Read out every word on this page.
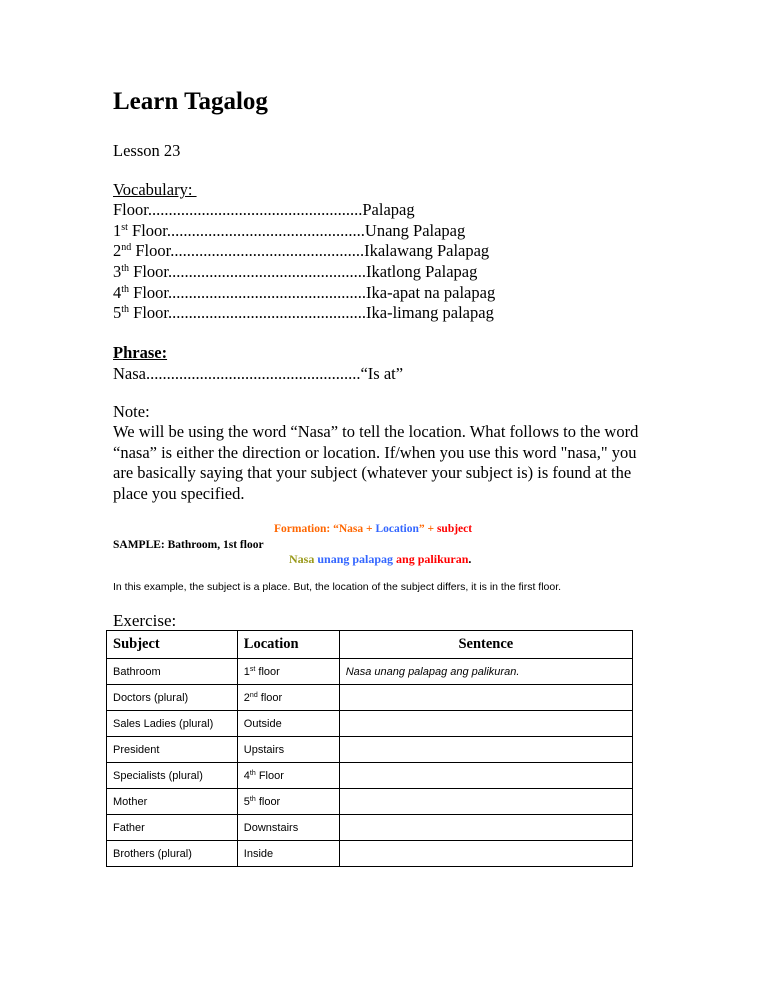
Learn Tagalog
Lesson 23
Vocabulary:
Floor....................................................Palapag
1st Floor................................................Unang Palapag
2nd Floor...............................................Ikalawang Palapag
3th Floor................................................Ikatlong Palapag
4th Floor................................................Ika-apat na palapag
5th Floor................................................Ika-limang palapag
Phrase:
Nasa....................................................“Is at”
Note:
We will be using the word “Nasa” to tell the location. What follows to the word “nasa” is either the direction or location. If/when you use this word "nasa," you are basically saying that your subject (whatever your subject is) is found at the place you specified.
Formation: “Nasa + Location” + subject
SAMPLE: Bathroom, 1st floor
Nasa unang palapag ang palikuran.
In this example, the subject is a place. But, the location of the subject differs, it is in the first floor.
Exercise:
Subject	Location	Sentence
Bathroom	1st floor	Nasa unang palapag ang palikuran.
Doctors (plural)	2nd floor	
Sales Ladies (plural)	Outside	
President	Upstairs	
Specialists (plural)	4th Floor	
Mother	5th floor	
Father	Downstairs	
Brothers (plural)	Inside	
